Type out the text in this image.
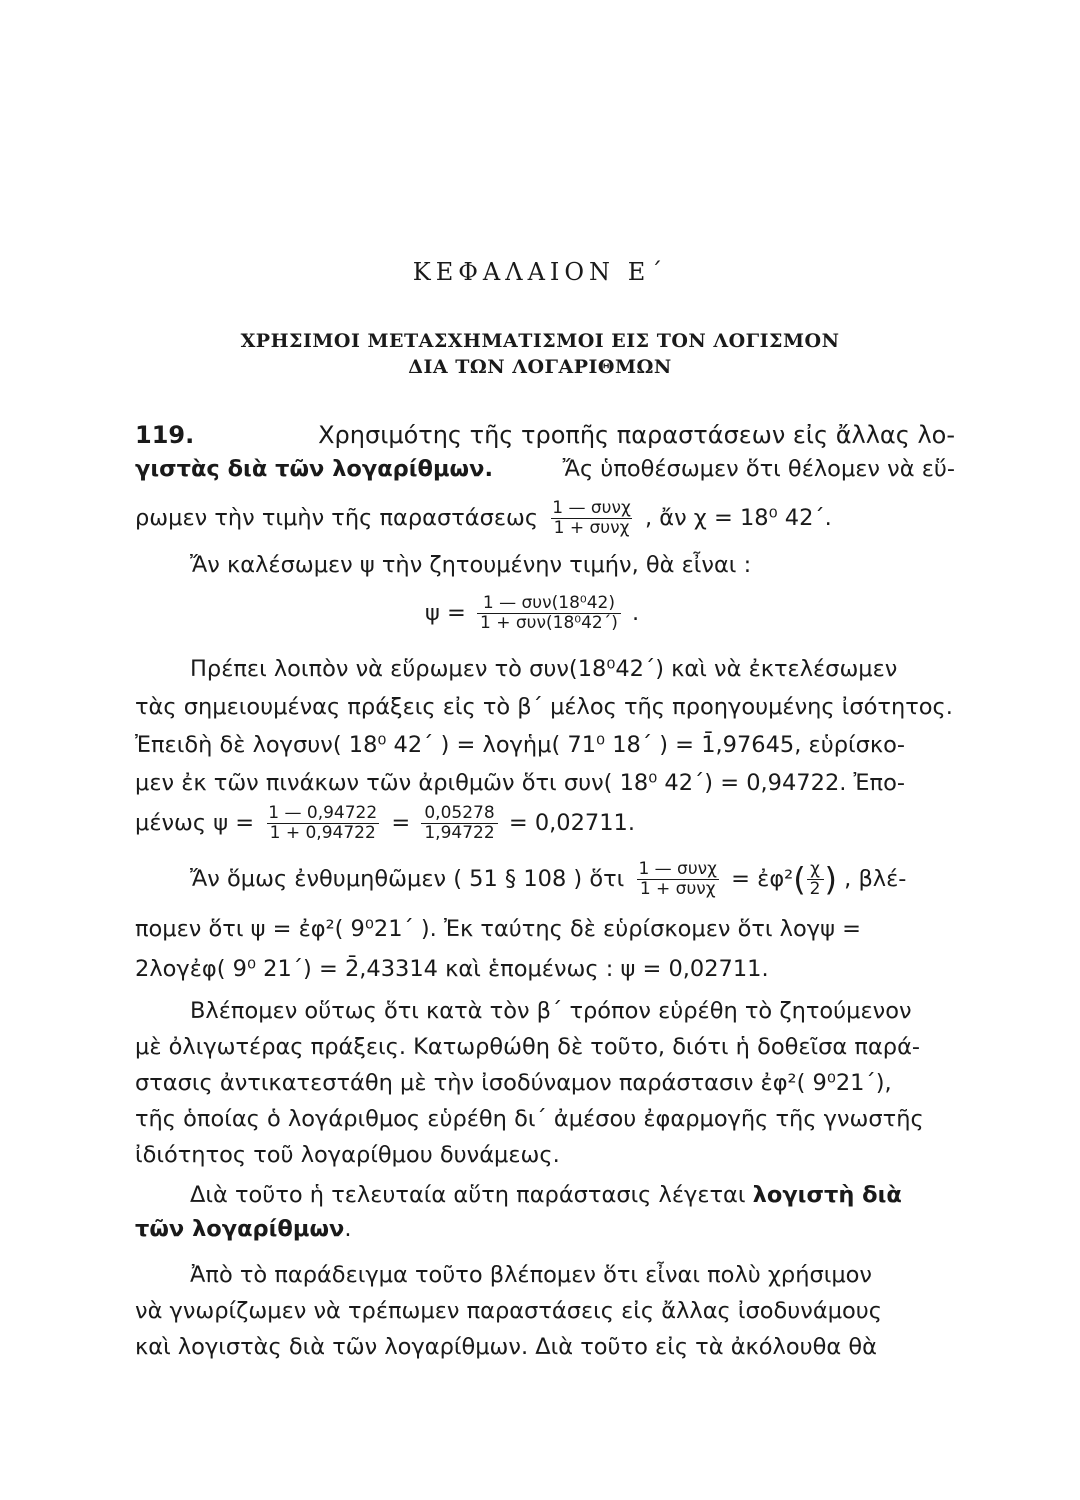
ΚΕΦΑΛΑΙΟΝ Ε΄
ΧΡΗΣΙΜΟΙ ΜΕΤΑΣΧΗΜΑΤΙΣΜΟΙ ΕΙΣ ΤΟΝ ΛΟΓΙΣΜΟΝ
ΔΙΑ ΤΩΝ ΛΟΓΑΡΙΘΜΩΝ
119.	Χρησιμότης τῆς τροπῆς παραστάσεων εἰς ἄλλας λο-
γιστὰς διὰ τῶν λογαρίθμων.	Ἄς ὑποθέσωμεν ὅτι θέλομεν νὰ εὕ-
ρωμεν τὴν τιμὴν τῆς παραστάσεως $\frac{\text{1 — συνχ}}{\text{1 + συνχ}}$ , ἄν χ = 18⁰ 42΄.
Ἄν καλέσωμεν ψ τὴν ζητουμένην τιμήν, θὰ εἶναι :
$\psi = \frac{\text{1 — συν(18⁰42)}}{\text{1 + συν(18⁰42΄)}}$ .
Πρέπει λοιπὸν νὰ εὕρωμεν τὸ συν(18⁰42΄) καὶ νὰ ἐκτελέσωμεν
τὰς σημειουμένας πράξεις εἰς τὸ β΄ μέλος τῆς προηγουμένης ἰσότητος.
Ἐπειδὴ δὲ λογσυν( 18⁰ 42΄ ) = λογἡμ( 71⁰ 18΄ ) = 1̄,97645, εὑρίσκο-
μεν ἐκ τῶν πινάκων τῶν ἀριθμῶν ὅτι συν( 18⁰ 42΄) = 0,94722. Ἐπο-
μένως $\psi = \frac{1 — 0,94722}{1 + 0,94722} = \frac{0,05278}{1,94722} = 0,02711$.
Ἄν ὅμως ἐνθυμηθῶμεν ( 51 § 108 ) ὅτι $\frac{\text{1 — συνχ}}{\text{1 + συνχ}}$ = ἐφ²( $\frac{\chi}{2}$ ) , βλέ-
πομεν ὅτι ψ = ἐφ²( 9⁰21΄ ). Ἐκ ταύτης δὲ εὑρίσκομεν ὅτι λογψ =
2λογἐφ( 9⁰ 21΄) = 2̄,43314 καὶ ἑπομένως : ψ = 0,02711.
Βλέπομεν οὕτως ὅτι κατὰ τὸν β΄ τρόπον εὑρέθη τὸ ζητούμενον
μὲ ὀλιγωτέρας πράξεις. Κατωρθώθη δὲ τοῦτο, διότι ἡ δοθεῖσα παρά-
στασις ἀντικατεστάθη μὲ τὴν ἰσοδύναμον παράστασιν ἐφ²( 9⁰21΄),
τῆς ὁποίας ὁ λογάριθμος εὑρέθη δι΄ ἀμέσου ἐφαρμογῆς τῆς γνωστῆς
ἰδιότητος τοῦ λογαρίθμου δυνάμεως.
Διὰ τοῦτο ἡ τελευταία αὕτη παράστασις λέγεται λογιστὴ διὰ
τῶν λογαρίθμων.
Ἀπὸ τὸ παράδειγμα τοῦτο βλέπομεν ὅτι εἶναι πολὺ χρήσιμον
νὰ γνωρίζωμεν νὰ τρέπωμεν παραστάσεις εἰς ἄλλας ἰσοδυνάμους
καὶ λογιστὰς διὰ τῶν λογαρίθμων. Διὰ τοῦτο εἰς τὰ ἀκόλουθα θὰ
